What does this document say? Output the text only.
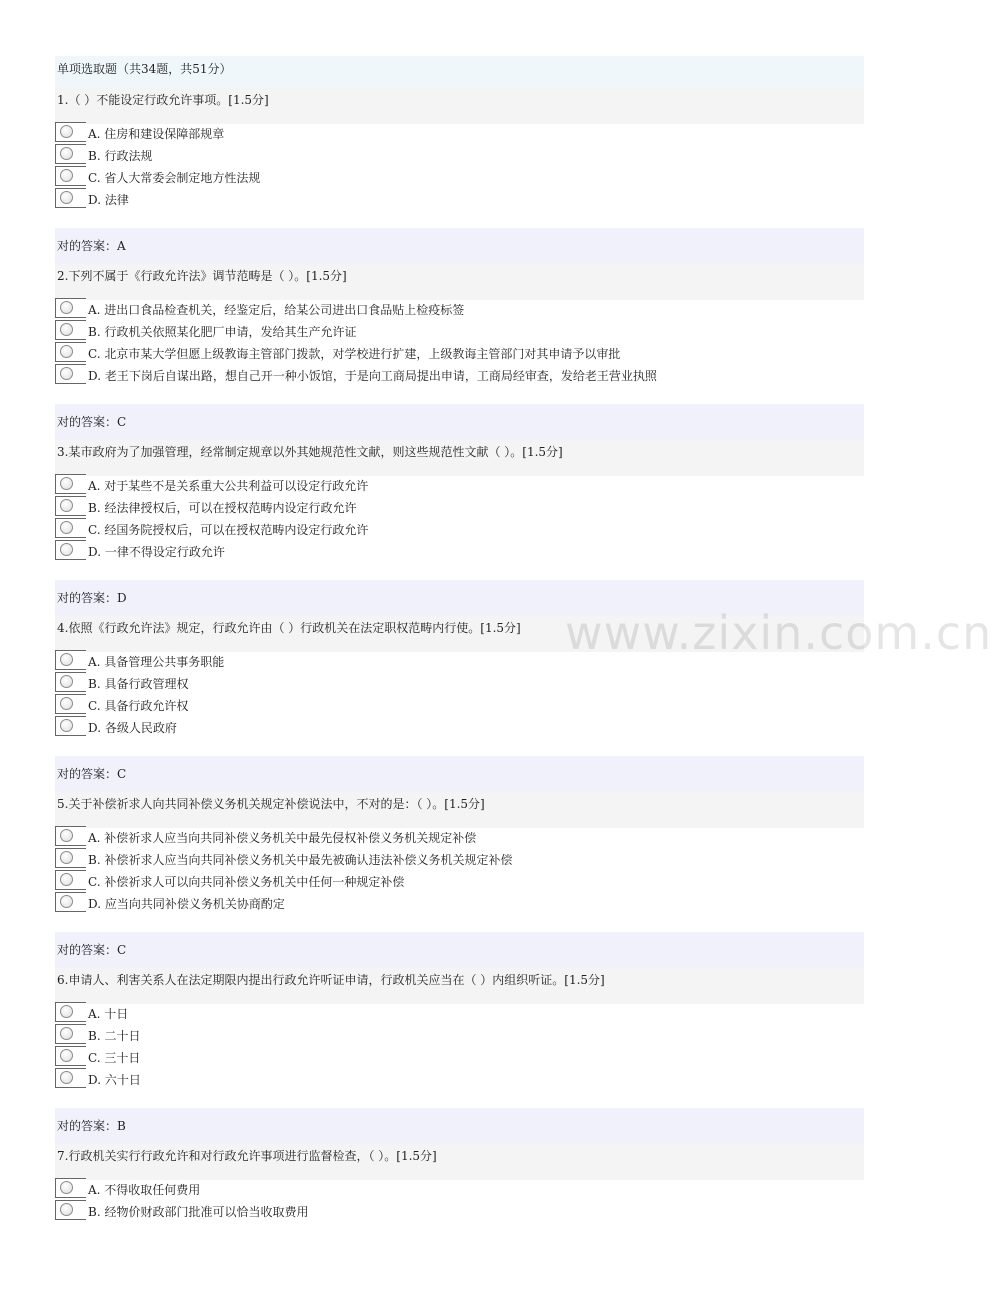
单项选取题（共34题，共51分）
1.（ ）不能设定行政允许事项。[1.5分]
A. 住房和建设保障部规章
B. 行政法规
C. 省人大常委会制定地方性法规
D. 法律
对的答案：A
2.下列不属于《行政允许法》调节范畴是（ ）。[1.5分]
A. 进出口食品检查机关，经鉴定后，给某公司进出口食品贴上检疫标签
B. 行政机关依照某化肥厂申请，发给其生产允许证
C. 北京市某大学但愿上级教诲主管部门拨款，对学校进行扩建，上级教诲主管部门对其申请予以审批
D. 老王下岗后自谋出路，想自己开一种小饭馆，于是向工商局提出申请，工商局经审查，发给老王营业执照
对的答案：C
3.某市政府为了加强管理，经常制定规章以外其她规范性文献，则这些规范性文献（ ）。[1.5分]
A. 对于某些不是关系重大公共利益可以设定行政允许
B. 经法律授权后，可以在授权范畴内设定行政允许
C. 经国务院授权后，可以在授权范畴内设定行政允许
D. 一律不得设定行政允许
对的答案：D
4.依照《行政允许法》规定，行政允许由（ ）行政机关在法定职权范畴内行使。[1.5分]
A. 具备管理公共事务职能
B. 具备行政管理权
C. 具备行政允许权
D. 各级人民政府
对的答案：C
5.关于补偿祈求人向共同补偿义务机关规定补偿说法中，不对的是：（ ）。[1.5分]
A. 补偿祈求人应当向共同补偿义务机关中最先侵权补偿义务机关规定补偿
B. 补偿祈求人应当向共同补偿义务机关中最先被确认违法补偿义务机关规定补偿
C. 补偿祈求人可以向共同补偿义务机关中任何一种规定补偿
D. 应当向共同补偿义务机关协商酌定
对的答案：C
6.申请人、利害关系人在法定期限内提出行政允许听证申请，行政机关应当在（ ）内组织听证。[1.5分]
A. 十日
B. 二十日
C. 三十日
D. 六十日
对的答案：B
7.行政机关实行行政允许和对行政允许事项进行监督检查，（ ）。[1.5分]
A. 不得收取任何费用
B. 经物价财政部门批准可以恰当收取费用
